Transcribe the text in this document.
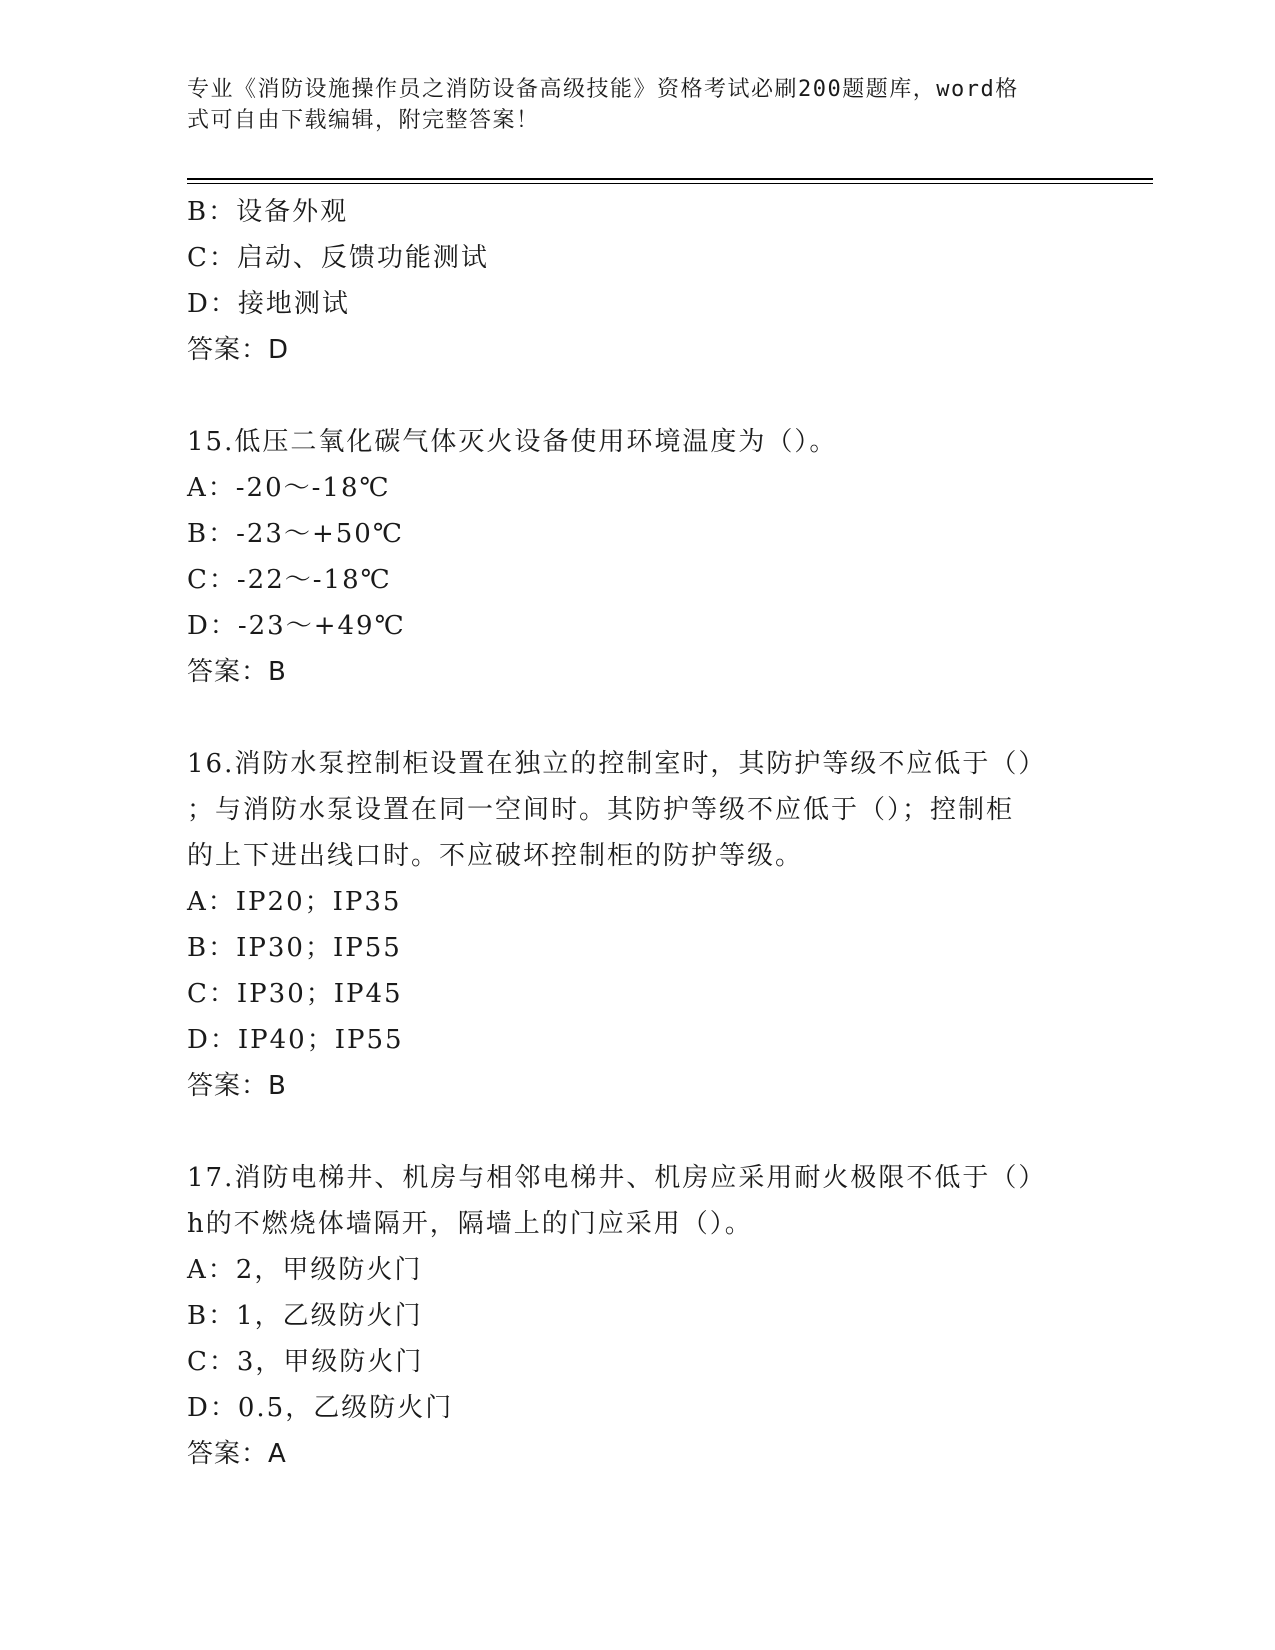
专业《消防设施操作员之消防设备高级技能》资格考试必刷200题题库，word格
式可自由下载编辑，附完整答案！
B：设备外观
C：启动、反馈功能测试
D：接地测试
答案：D
15.低压二氧化碳气体灭火设备使用环境温度为（）。
A：-20～-18℃
B：-23～+50℃
C：-22～-18℃
D：-23～+49℃
答案：B
16.消防水泵控制柜设置在独立的控制室时，其防护等级不应低于（）
；与消防水泵设置在同一空间时。其防护等级不应低于（）；控制柜
的上下进出线口时。不应破坏控制柜的防护等级。
A：IP20；IP35
B：IP30；IP55
C：IP30；IP45
D：IP40；IP55
答案：B
17.消防电梯井、机房与相邻电梯井、机房应采用耐火极限不低于（）
h的不燃烧体墙隔开，隔墙上的门应采用（）。
A：2，甲级防火门
B：1，乙级防火门
C：3，甲级防火门
D：0.5，乙级防火门
答案：A
